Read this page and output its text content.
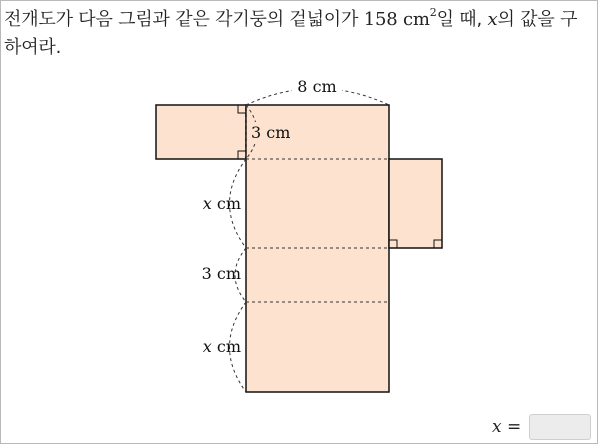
전개도가 다음 그림과 같은 각기둥의 겉넓이가 158 $cm^2$일 때, x의 값을 구하여라.
8 cm
3 cm
x cm
3 cm
x cm
x =
